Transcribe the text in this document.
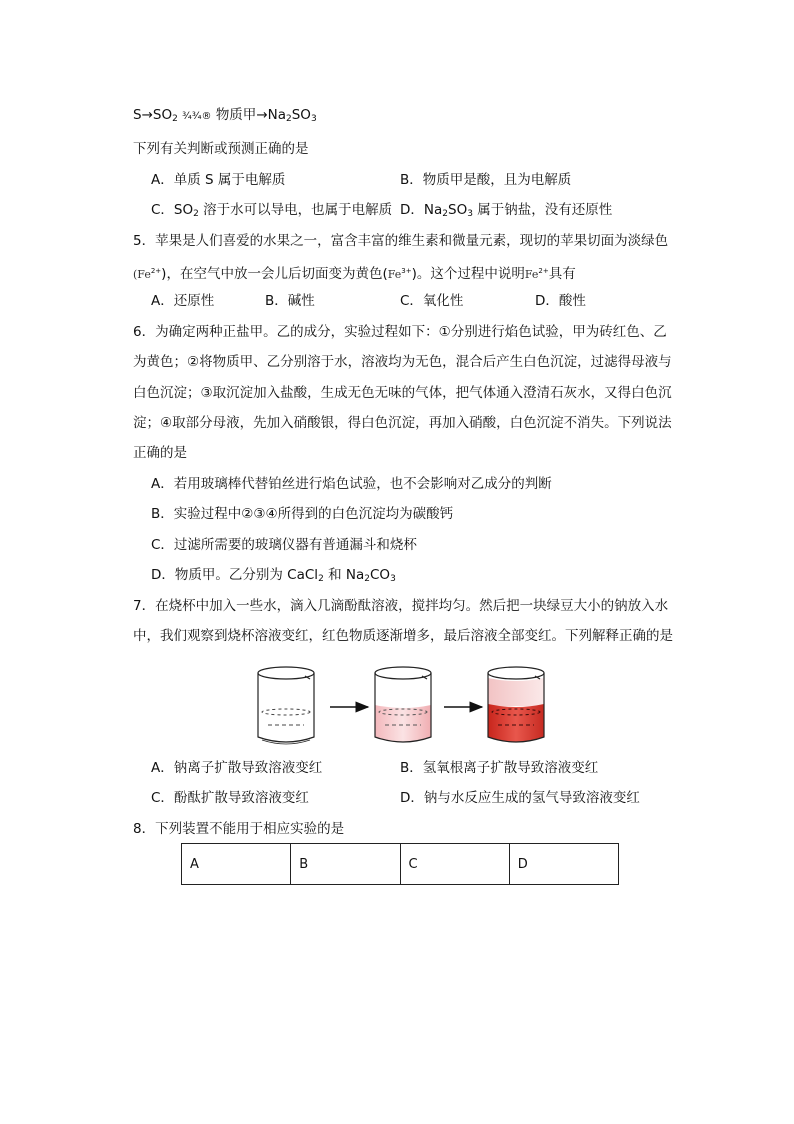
$S\to SO_2$ ¾¾® 物质甲$\to Na_2SO_3$
下列有关判断或预测正确的是
A．单质 S 属于电解质	B．物质甲是酸，且为电解质
C．$SO_2$ 溶于水可以导电，也属于电解质 D．$Na_2SO_3$ 属于钠盐，没有还原性
5．苹果是人们喜爱的水果之一，富含丰富的维生素和微量元素，现切的苹果切面为淡绿色
$(Fe^{2+})$，在空气中放一会儿后切面变为黄色$(Fe^{3+})$。这个过程中说明$Fe^{2+}$具有
A．还原性	B．碱性	C．氧化性	D．酸性
6．为确定两种正盐甲。乙的成分，实验过程如下：①分别进行焰色试验，甲为砖红色、乙
为黄色；②将物质甲、乙分别溶于水，溶液均为无色，混合后产生白色沉淀，过滤得母液与
白色沉淀；③取沉淀加入盐酸，生成无色无味的气体，把气体通入澄清石灰水，又得白色沉
淀；④取部分母液，先加入硝酸银，得白色沉淀，再加入硝酸，白色沉淀不消失。下列说法
正确的是
A．若用玻璃棒代替铂丝进行焰色试验，也不会影响对乙成分的判断
B．实验过程中②③④所得到的白色沉淀均为碳酸钙
C．过滤所需要的玻璃仪器有普通漏斗和烧杯
D．物质甲。乙分别为 CaCl$_2$ 和 $Na_2CO_3$
7．在烧杯中加入一些水，滴入几滴酚酞溶液，搅拌均匀。然后把一块绿豆大小的钠放入水
中，我们观察到烧杯溶液变红，红色物质逐渐增多，最后溶液全部变红。下列解释正确的是
A．钠离子扩散导致溶液变红	B．氢氧根离子扩散导致溶液变红
C．酚酞扩散导致溶液变红	D．钠与水反应生成的氢气导致溶液变红
8．下列装置不能用于相应实验的是
A	B	C	D
